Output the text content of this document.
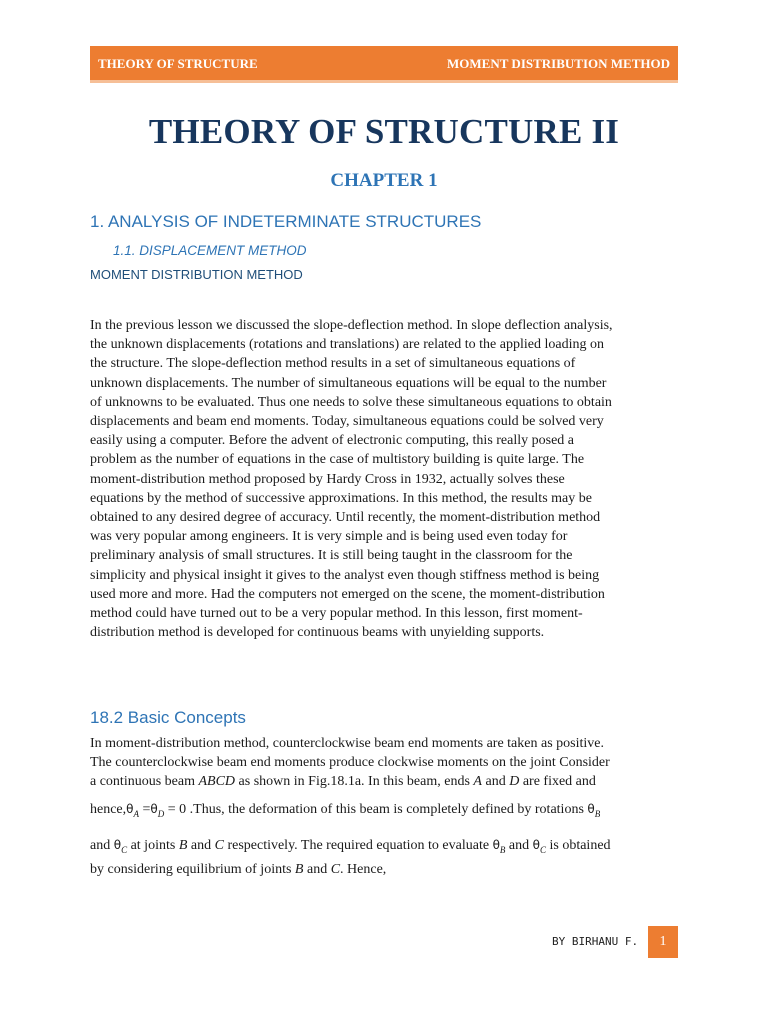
THEORY OF STRUCTURE	MOMENT DISTRIBUTION METHOD
THEORY OF STRUCTURE II
CHAPTER 1
1. ANALYSIS OF INDETERMINATE STRUCTURES
1.1. DISPLACEMENT METHOD
MOMENT DISTRIBUTION METHOD
In the previous lesson we discussed the slope-deflection method. In slope deflection analysis,
the unknown displacements (rotations and translations) are related to the applied loading on
the structure. The slope-deflection method results in a set of simultaneous equations of
unknown displacements. The number of simultaneous equations will be equal to the number
of unknowns to be evaluated. Thus one needs to solve these simultaneous equations to obtain
displacements and beam end moments. Today, simultaneous equations could be solved very
easily using a computer. Before the advent of electronic computing, this really posed a
problem as the number of equations in the case of multistory building is quite large. The
moment-distribution method proposed by Hardy Cross in 1932, actually solves these
equations by the method of successive approximations. In this method, the results may be
obtained to any desired degree of accuracy. Until recently, the moment-distribution method
was very popular among engineers. It is very simple and is being used even today for
preliminary analysis of small structures. It is still being taught in the classroom for the
simplicity and physical insight it gives to the analyst even though stiffness method is being
used more and more. Had the computers not emerged on the scene, the moment-distribution
method could have turned out to be a very popular method. In this lesson, first moment-
distribution method is developed for continuous beams with unyielding supports.
18.2 Basic Concepts
In moment-distribution method, counterclockwise beam end moments are taken as positive.
The counterclockwise beam end moments produce clockwise moments on the joint Consider
a continuous beam ABCD as shown in Fig.18.1a. In this beam, ends A and D are fixed and
$hence,\theta_A =\theta_D = 0$ .Thus, the deformation of this beam is completely defined by rotations $\theta_B$
and $\theta_C$ at joints B and C respectively. The required equation to evaluate $\theta_B$ and $\theta_C$ is obtained
by considering equilibrium of joints B and C. Hence,
BY BIRHANU F.	1
